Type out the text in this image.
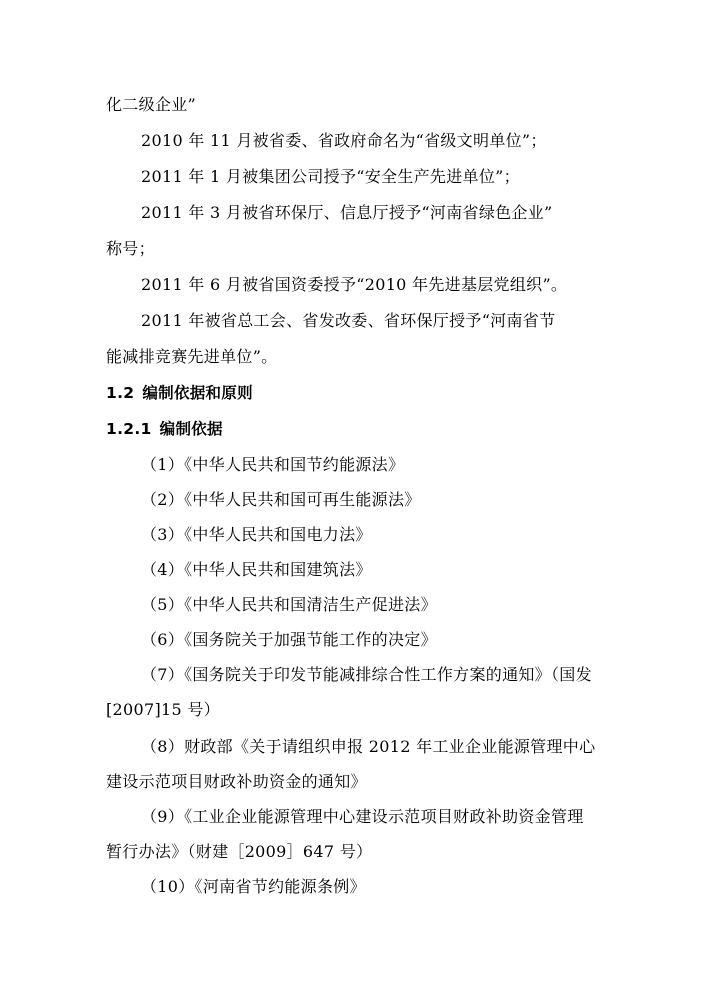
化二级企业”
2010 年 11 月被省委、省政府命名为“省级文明单位”；
2011 年 1 月被集团公司授予“安全生产先进单位”；
2011 年 3 月被省环保厅、信息厅授予“河南省绿色企业”
称号；
2011 年 6 月被省国资委授予“2010 年先进基层党组织”。
2011 年被省总工会、省发改委、省环保厅授予“河南省节
能减排竞赛先进单位”。
1.2 编制依据和原则
1.2.1 编制依据
（1）《中华人民共和国节约能源法》
（2）《中华人民共和国可再生能源法》
（3）《中华人民共和国电力法》
（4）《中华人民共和国建筑法》
（5）《中华人民共和国清洁生产促进法》
（6）《国务院关于加强节能工作的决定》
（7）《国务院关于印发节能减排综合性工作方案的通知》（国发
[2007]15 号）
（8）财政部《关于请组织申报 2012 年工业企业能源管理中心
建设示范项目财政补助资金的通知》
（9）《工业企业能源管理中心建设示范项目财政补助资金管理
暂行办法》（财建［2009］647 号）
（10）《河南省节约能源条例》
